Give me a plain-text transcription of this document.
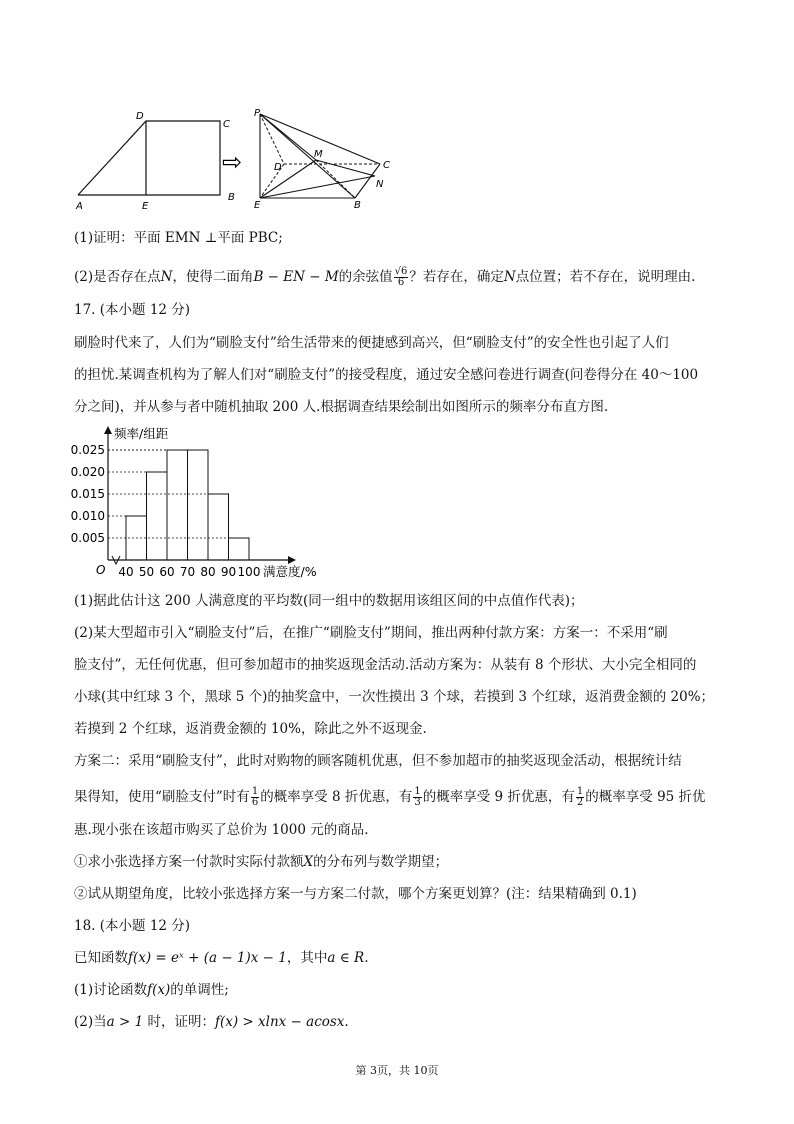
A
D
C
E
B
⇨
P
M
C
D
N
E	B
(1)证明：平面 EMN ⊥平面 PBC;
(2)是否存在点N，使得二面角B − EN − M的余弦值 $\frac{√6}{6}$ ？若存在，确定N点位置；若不存在，说明理由.
17. (本小题 12 分)
刷脸时代来了，人们为“刷脸支付”给生活带来的便捷感到高兴，但“刷脸支付”的安全性也引起了人们
的担忧.某调查机构为了解人们对“刷脸支付”的接受程度，通过安全感问卷进行调查(问卷得分在 40～100
分之间)，并从参与者中随机抽取 200 人.根据调查结果绘制出如图所示的频率分布直方图.
0.005
0.010
0.015
0.020
0.025
40 50 60 70 80 90 100
O
频率/组距
满意度/%
(1)据此估计这 200 人满意度的平均数(同一组中的数据用该组区间的中点值作代表)；
(2)某大型超市引入“刷脸支付”后，在推广“刷脸支付”期间，推出两种付款方案：方案一：不采用“刷
脸支付”，无任何优惠，但可参加超市的抽奖返现金活动.活动方案为：从装有 8 个形状、大小完全相同的
小球(其中红球 3 个，黑球 5 个)的抽奖盒中，一次性摸出 3 个球，若摸到 3 个红球，返消费金额的 20%；
若摸到 2 个红球，返消费金额的 10%，除此之外不返现金.
方案二：采用“刷脸支付”，此时对购物的顾客随机优惠，但不参加超市的抽奖返现金活动，根据统计结
果得知，使用“刷脸支付”时有 $\frac{1}{6}$ 的概率享受 8 折优惠，有 $\frac{1}{3}$ 的概率享受 9 折优惠，有 $\frac{1}{2}$ 的概率享受 95 折优
惠.现小张在该超市购买了总价为 1000 元的商品.
①求小张选择方案一付款时实际付款额X的分布列与数学期望；
②试从期望角度，比较小张选择方案一与方案二付款，哪个方案更划算？(注：结果精确到 0.1)
18. (本小题 12 分)
已知函数f(x) = eˣ + (a − 1)x − 1，其中a ∈ R.
(1)讨论函数f(x)的单调性;
(2)当a > 1 时，证明：f(x) > xlnx − acosx.
第 3页，共 10页
